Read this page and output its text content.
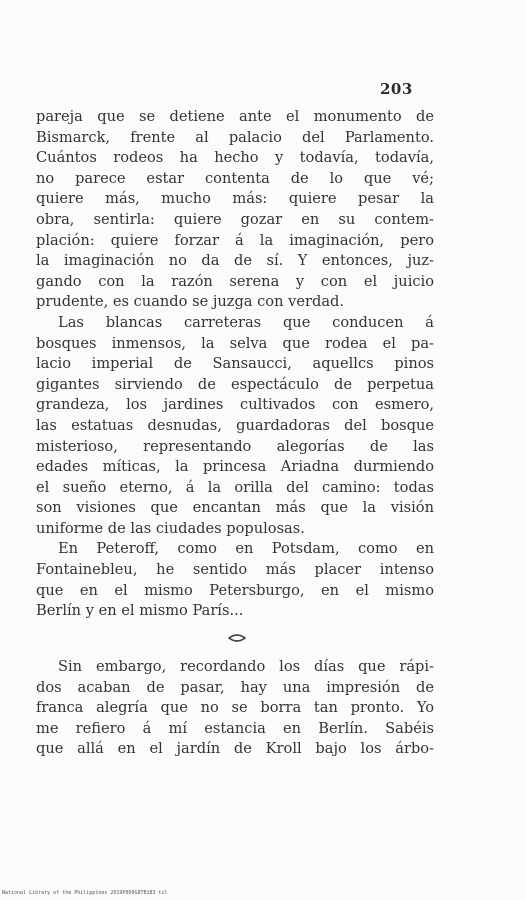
203
pareja que se detiene ante el monumento de
Bismarck, frente al palacio del Parlamento.
Cuántos rodeos ha hecho y todavía, todavía,
no parece estar contenta de lo que vé;
quiere más, mucho más: quiere pesar la
obra, sentirla: quiere gozar en su contem-
plación: quiere forzar á la imaginación, pero
la imaginación no da de sí. Y entonces, juz-
gando con la razón serena y con el juicio
prudente, es cuando se juzga con verdad.
Las blancas carreteras que conducen á
bosques inmensos, la selva que rodea el pa-
lacio imperial de Sansaucci, aquellcs pinos
gigantes sirviendo de espectáculo de perpetua
grandeza, los jardines cultivados con esmero,
las estatuas desnudas, guardadoras del bosque
misterioso, representando alegorías de las
edades míticas, la princesa Ariadna durmiendo
el sueño eterno, á la orilla del camino: todas
son visiones que encantan más que la visión
uniforme de las ciudades populosas.
En Peteroff, como en Potsdam, como en
Fontainebleu, he sentido más placer intenso
que en el mismo Petersburgo, en el mismo
Berlín y en el mismo París...
Sin embargo, recordando los días que rápi-
dos acaban de pasar, hay una impresión de
franca alegría que no se borra tan pronto. Yo
me refiero á mí estancia en Berlín. Sabéis
que allá en el jardín de Kroll bajo los árbo-
National Library of the Philippines 2019P000G8TB183 til
